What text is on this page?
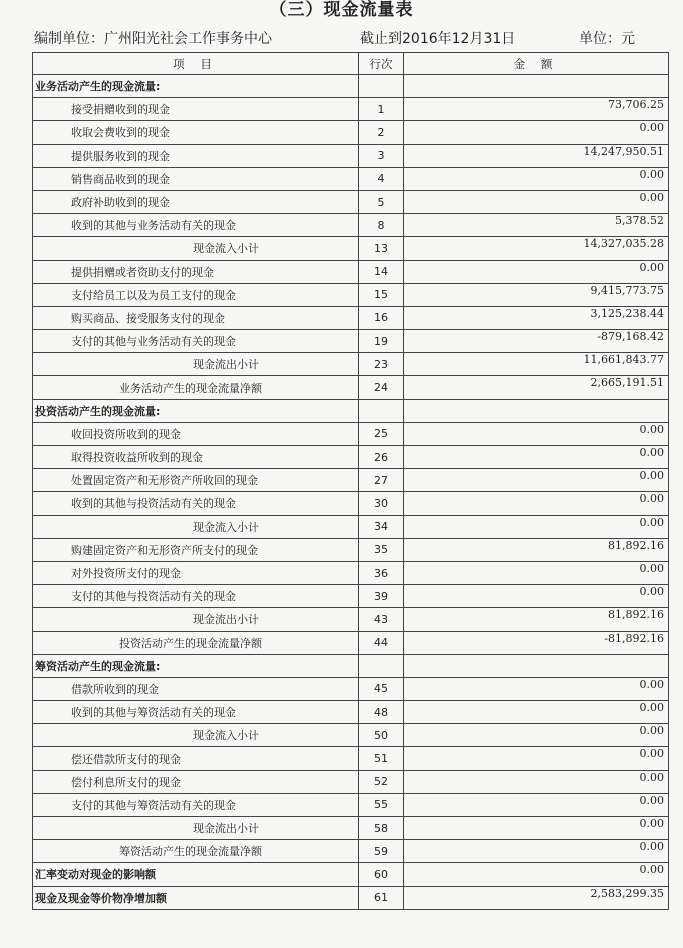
（三）现金流量表
编制单位：广州阳光社会工作事务中心	截止到2016年12月31日	单位：元
项 目	行次	金 额
业务活动产生的现金流量:		
接受捐赠收到的现金	1	73,706.25
收取会费收到的现金	2	0.00
提供服务收到的现金	3	14,247,950.51
销售商品收到的现金	4	0.00
政府补助收到的现金	5	0.00
收到的其他与业务活动有关的现金	8	5,378.52
现金流入小计	13	14,327,035.28
提供捐赠或者资助支付的现金	14	0.00
支付给员工以及为员工支付的现金	15	9,415,773.75
购买商品、接受服务支付的现金	16	3,125,238.44
支付的其他与业务活动有关的现金	19	-879,168.42
现金流出小计	23	11,661,843.77
业务活动产生的现金流量净额	24	2,665,191.51
投资活动产生的现金流量:		
收回投资所收到的现金	25	0.00
取得投资收益所收到的现金	26	0.00
处置固定资产和无形资产所收回的现金	27	0.00
收到的其他与投资活动有关的现金	30	0.00
现金流入小计	34	0.00
购建固定资产和无形资产所支付的现金	35	81,892.16
对外投资所支付的现金	36	0.00
支付的其他与投资活动有关的现金	39	0.00
现金流出小计	43	81,892.16
投资活动产生的现金流量净额	44	-81,892.16
筹资活动产生的现金流量:		
借款所收到的现金	45	0.00
收到的其他与筹资活动有关的现金	48	0.00
现金流入小计	50	0.00
偿还借款所支付的现金	51	0.00
偿付利息所支付的现金	52	0.00
支付的其他与筹资活动有关的现金	55	0.00
现金流出小计	58	0.00
筹资活动产生的现金流量净额	59	0.00
汇率变动对现金的影响额	60	0.00
现金及现金等价物净增加额	61	2,583,299.35
